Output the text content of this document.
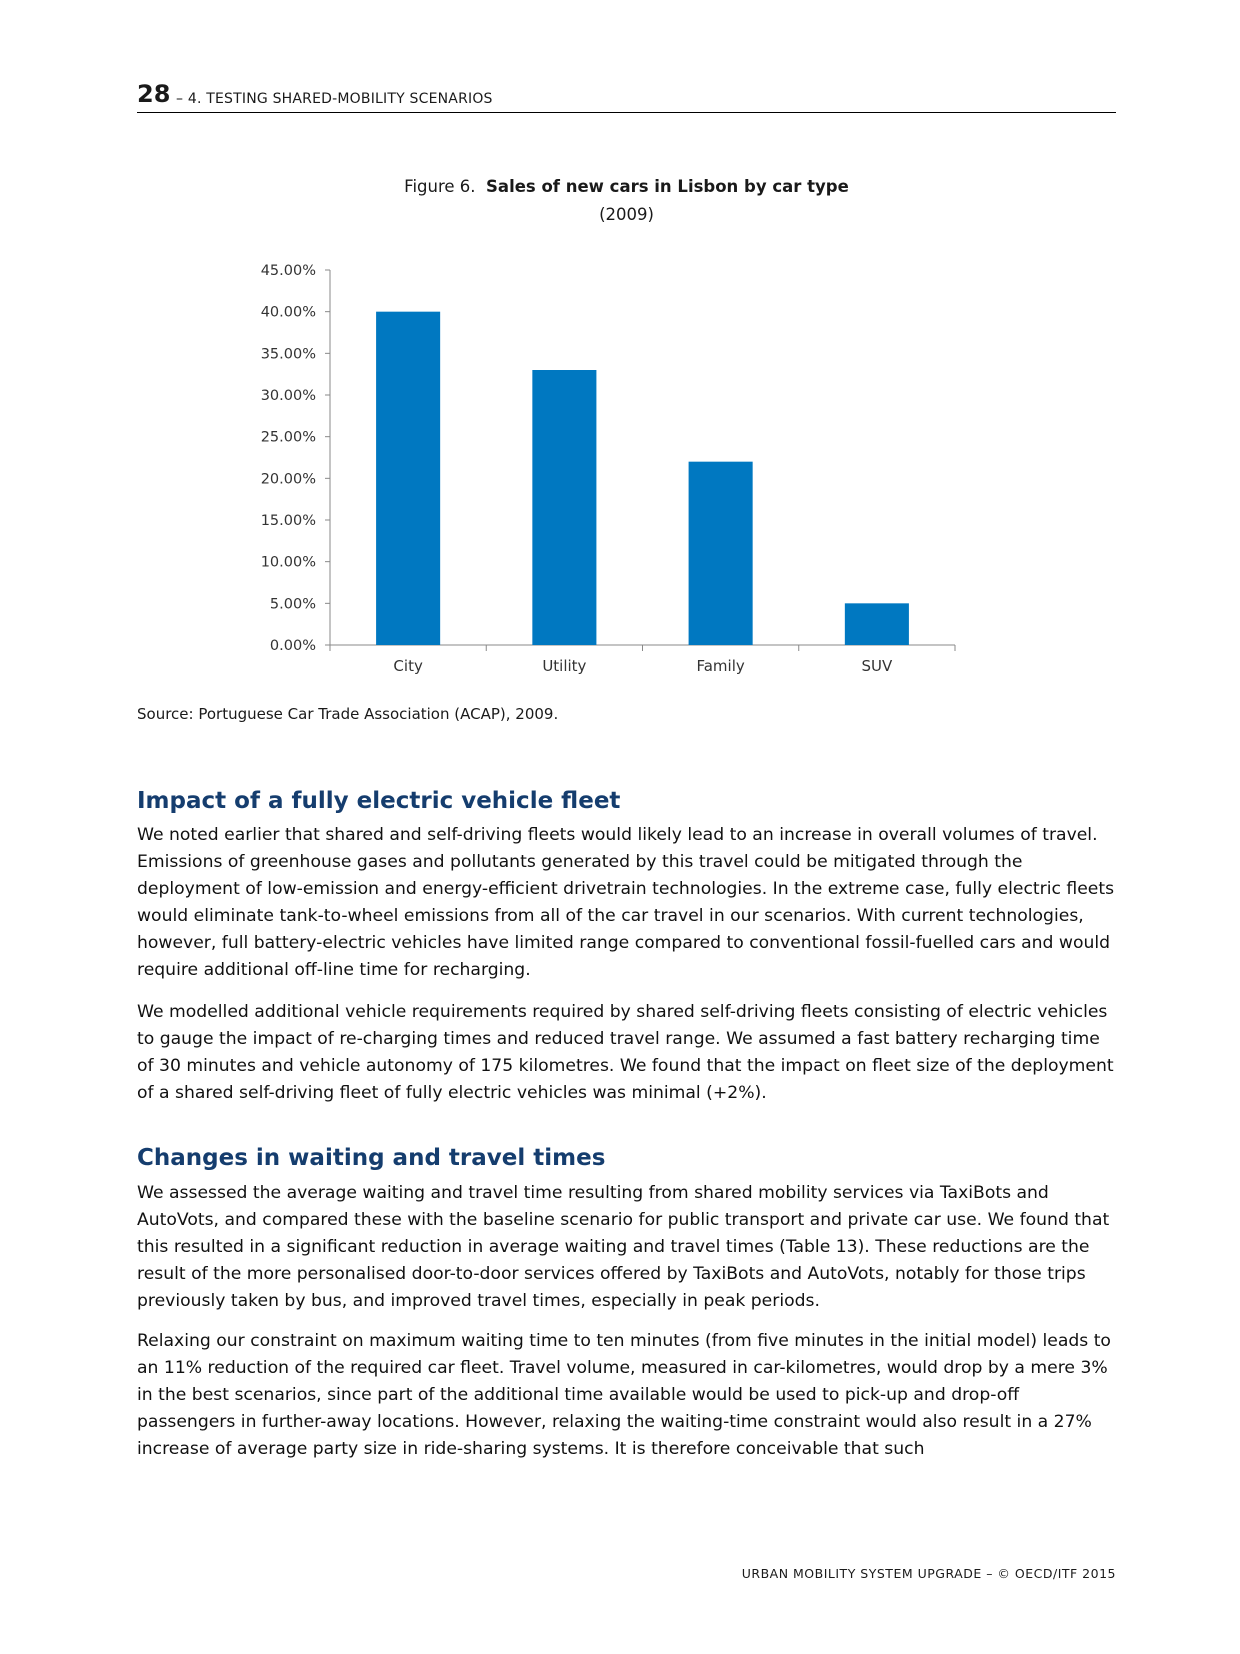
28 – 4. TESTING SHARED-MOBILITY SCENARIOS
Figure 6. Sales of new cars in Lisbon by car type
(2009)
0.00%
5.00%
10.00%
15.00%
20.00%
25.00%
30.00%
35.00%
40.00%
45.00%
City	Utility	Family	SUV
Source: Portuguese Car Trade Association (ACAP), 2009.
Impact of a fully electric vehicle fleet

We noted earlier that shared and self-driving fleets would likely lead to an increase in overall volumes of travel. Emissions of greenhouse gases and pollutants generated by this travel could be mitigated through the deployment of low-emission and energy-efficient drivetrain technologies. In the extreme case, fully electric fleets would eliminate tank-to-wheel emissions from all of the car travel in our scenarios. With current technologies, however, full battery-electric vehicles have limited range compared to conventional fossil-fuelled cars and would require additional off-line time for recharging.

We modelled additional vehicle requirements required by shared self-driving fleets consisting of electric vehicles to gauge the impact of re-charging times and reduced travel range. We assumed a fast battery recharging time of 30 minutes and vehicle autonomy of 175 kilometres. We found that the impact on fleet size of the deployment of a shared self-driving fleet of fully electric vehicles was minimal (+2%).

Changes in waiting and travel times

We assessed the average waiting and travel time resulting from shared mobility services via TaxiBots and AutoVots, and compared these with the baseline scenario for public transport and private car use. We found that this resulted in a significant reduction in average waiting and travel times (Table 13). These reductions are the result of the more personalised door-to-door services offered by TaxiBots and AutoVots, notably for those trips previously taken by bus, and improved travel times, especially in peak periods.

Relaxing our constraint on maximum waiting time to ten minutes (from five minutes in the initial model) leads to an 11% reduction of the required car fleet. Travel volume, measured in car-kilometres, would drop by a mere 3% in the best scenarios, since part of the additional time available would be used to pick-up and drop-off passengers in further-away locations. However, relaxing the waiting-time constraint would also result in a 27% increase of average party size in ride-sharing systems. It is therefore conceivable that such

URBAN MOBILITY SYSTEM UPGRADE – © OECD/ITF 2015
